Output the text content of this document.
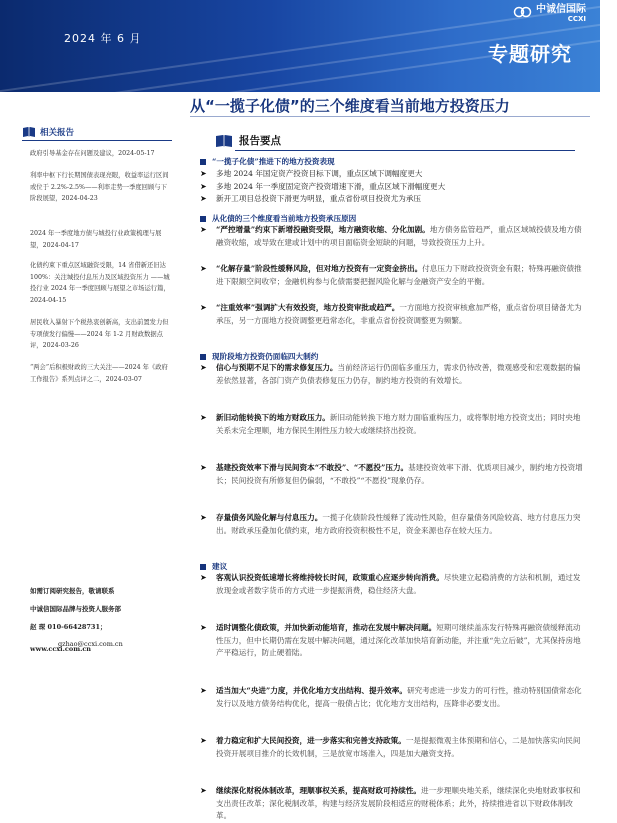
2024 年 6 月
中诚信国际
CCXI
专题研究
从“一揽子化债”的三个维度看当前地方投资压力
相关报告
政府引导基金存在问题及建议，2024-05-17
利率中枢下行长期国债表现亮眼，收益率运行区间或位于 2.2%-2.5%——利率走势一季度回顾与下阶段展望，2024-04-23
2024 年一季度地方债与城投行业政策梳理与展望，2024-04-17
化债约束下重点区域融资受限，14 省借新还旧达 100%：关注城投付息压力及区域投资压力 ——城投行业 2024 年一季度回顾与展望之市场运行篇，2024-04-15
居民收入暴射下个税热衷创新高，支出前置发力但专项债发行偏慢——2024 年 1-2 月财政数据点评，2024-03-26
“两会”后积极财政的三大关注——2024 年《政府工作报告》系列点评之二，2024-03-07
如需订阅研究报告，敬请联系
中诚信国际品牌与投资人服务部
赵 琛 010-66428731；
gzhao@ccxi.com.cn
www.ccxi.com.cn
报告要点
“一揽子化债”推进下的地方投资表现
➤	多地 2024 年国定资产投资目标下调，重点区域下调幅度更大
➤	多地 2024 年一季度固定资产投资增速下滑，重点区域下滑幅度更大
➤	新开工项目总投资下滑更为明显，重点省份项目投资尤为承压
从化债的三个维度看当前地方投资承压原因
➤	“严控增量”约束下新增投融资受限，地方融资收缩、分化加剧。地方债务监管趋严，重点区域城投债及地方债融资收缩，或导致在建或计划中的项目面临资金短缺的问题，导致投资压力上升。
➤	“化解存量”阶段性缓释风险，但对地方投资有一定资金挤出。付息压力下财政投资资金有限；特殊再融资债推进下限额空间收窄；金融机构参与化债需要把握风险化解与金融资产安全的平衡。
➤	“注重效率”强调扩大有效投资，地方投资审批或趋严。一方面地方投资审核愈加严格，重点省份项目储备尤为承压，另一方面地方投资调整更趋常态化，非重点省份投资调整更为频繁。
现阶段地方投资仍面临四大制约
➤	信心与预期不足下的需求修复压力。当前经济运行仍面临多重压力，需求仍待改善，微观感受和宏观数据的偏差依然显著，各部门资产负债表修复压力仍存，制约地方投资的有效增长。
➤	新旧动能转换下的地方财政压力。新旧动能转换下地方财力面临重构压力，或将掣肘地方投资支出；同时央地关系未完全理顺，地方保民生刚性压力较大或继续挤出投资。
➤	基建投资效率下滑与民间资本“不敢投”、“不愿投”压力。基建投资效率下滑、优质项目减少，制约地方投资增长；民间投资有所修复但仍偏弱，“不敢投”“不愿投”现象仍存。
➤	存量债务风险化解与付息压力。一揽子化债阶段性缓释了流动性风险，但存量债务风险较高、地方付息压力突出。财政承压叠加化债约束，地方政府投资积极性不足，资金来源也存在较大压力。
建议
➤	客观认识投资低速增长将维持较长时间，政策重心应逐步转向消费。尽快建立起稳消费的方法和机制，通过发放现金或者数字货币的方式进一步提振消费，稳住经济大盘。
➤	适时调整化债政策，并加快新动能培育，推动在发展中解决问题。短期可继续盖冻发行特殊再融资债缓释流动性压力，但中长期仍需在发展中解决问题，通过深化改革加快培育新动能，并注重“先立后破”，尤其保持房地产平稳运行，防止硬着陆。
➤	适当加大“央进”力度，并优化地方支出结构、提升效率。研究考虑进一步发力的可行性，推动特别国债常态化发行以及地方债务结构优化，提高一般债占比；优化地方支出结构，压降非必要支出。
➤	着力稳定和扩大民间投资，进一步落实和完善支持政策。一是提振微观主体预期和信心，二是加快落实向民间投资开展项目推介的长效机制，三是放宽市场准入，四是加大融资支持。
➤	继续深化财税体制改革，理顺事权关系，提高财政可持续性。进一步理顺央地关系，继续深化央地财政事权和支出责任改革；深化税制改革，构建与经济发展阶段相适应的财税体系；此外，持续推进省以下财政体制改革。
